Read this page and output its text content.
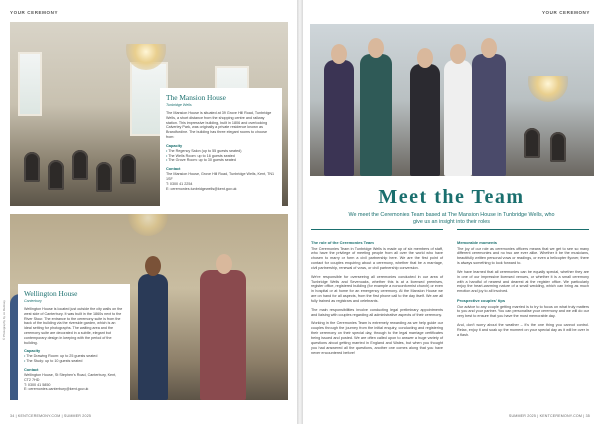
YOUR CEREMONY
The Mansion House
Tunbridge Wells

The Mansion House is situated at 39 Grove Hill Road, Tunbridge Wells, a short distance from the shopping centre and railway station. This impressive building, built in 1806 and overlooking Calverley Park, was originally a private residence known as Brandfordine. The building has three elegant rooms to choose from:

Capacity
• The Regency Salon (up to 55 guests seated)
• The Wells Room: up to 16 guests seated
• The Grove Room: up to 30 guests seated
Contact

The Mansion House, Grove Hill Road, Tunbridge Wells, Kent, TN1 1SF

T: 0300 41 2254

E: ceremonies.tunbridgewells@kent.gov.uk

Wellington House
Canterbury

Wellington House is located just outside the city walls on the west side of Canterbury. It was built in the 1860s next to the River Stour. The entrance to the ceremony suite is from the back of the building via the riverside garden, which is an ideal setting for photographs. The waiting area and the ceremony suite are decorated in a subtle, elegant but contemporary design in keeping with the period of the building.

Capacity
• The Drawing Room: up to 25 guests seated
• The Study: up to 10 guests seated
Contact

Wellington House, St Stephen's Road, Canterbury, Kent, CT2 7HD

T: 0300 41 5850

E: ceremonies.canterbury@kent.gov.uk

© Photography by Jo Ramsey
34 | KENTCEREMONY.COM | SUMMER 2025
YOUR CEREMONY
Meet the Team

We meet the Ceremonies Team based at The Mansion House in Tunbridge Wells, who give us an insight into their roles

The role of the Ceremonies Team

The Ceremonies Team in Tunbridge Wells is made up of six members of staff, who have the privilege of meeting people from all over the world who have chosen to marry or form a civil partnership here. We are the first point of contact for couples enquiring about a ceremony, whether that be a marriage, civil partnership, renewal of vows, or civil partnership conversion.

We're responsible for overseeing all ceremonies conducted in our area of Tunbridge Wells and Sevenoaks, whether this is at a licensed premises, register office, registered building (for example a nonconformist church) or even in hospital or at home for an emergency ceremony. At the Mansion House we are on hand for all aspects, from the first phone call to the day itself. We are all fully trained as registrars and celebrants.

The main responsibilities involve conducting legal preliminary appointments and liaising with couples regarding all administrative aspects of their ceremony.

Working in the Ceremonies Team is extremely rewarding as we help guide our couples through the journey from the initial enquiry, conducting and registering their ceremony on their special day, through to the legal marriage certificates being issued and posted. We are often called upon to answer a huge variety of questions about getting married in England and Wales, but when you thought you had answered all the questions, another one comes along that you have never encountered before!

Memorable moments

The joy of our role as ceremonies officers means that we get to see so many different ceremonies and no two are ever alike. Whether it be the musicians, beautifully written personal vows or readings, or even a helicopter flyover, there is always something to look forward to.

We have learned that all ceremonies can be equally special, whether they are in one of our impressive licensed venues, or whether it is a small ceremony with a handful of nearest and dearest at the register office. We particularly enjoy the heart-warming nature of a small wedding, which can bring as much emotion and joy to all involved.

Prospective couples' tips

Our advice to any couple getting married is to try to focus on what truly matters to you and your partner. You can personalise your ceremony and we will do our very best to ensure that you have the most memorable day.

And, don't worry about the weather – it's the one thing you cannot control. Relax, enjoy it and soak up the moment on your special day as it will be over in a flash.

SUMMER 2025 | KENTCEREMONY.COM | 35
